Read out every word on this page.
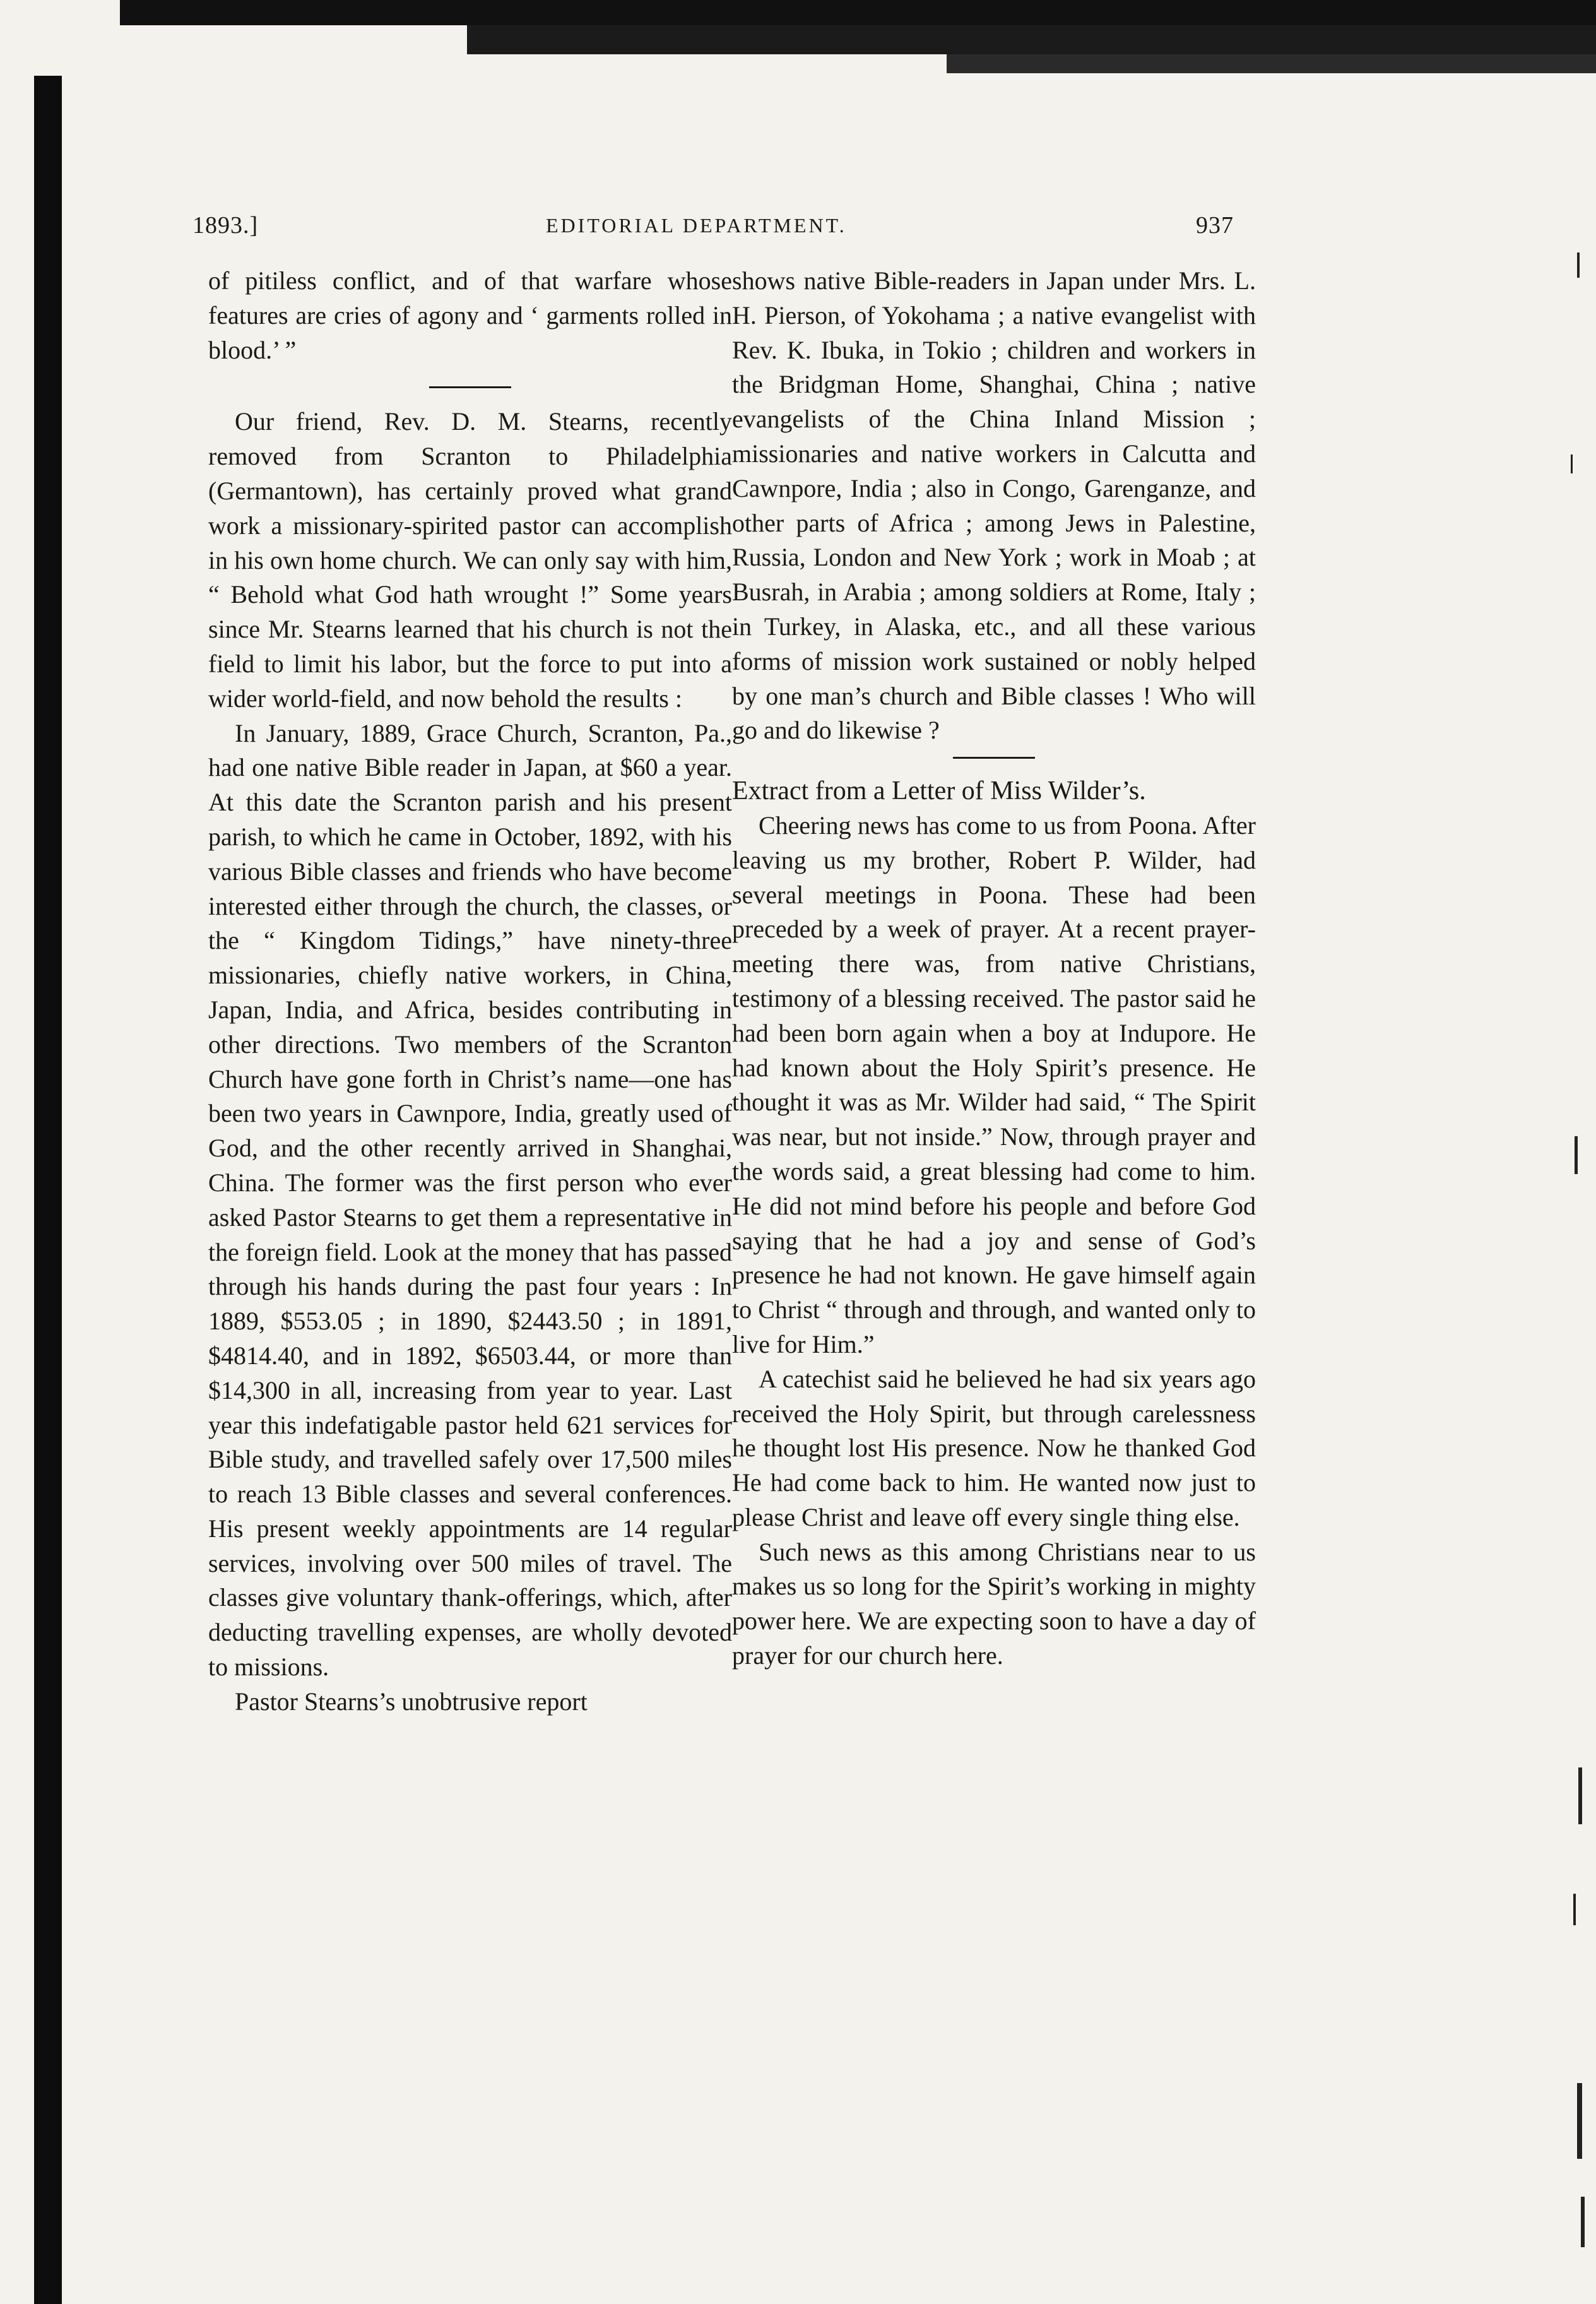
1893.]	EDITORIAL DEPARTMENT.	937

of pitiless conflict, and of that warfare whose features are cries of agony and ‘ garments rolled in blood.’ ”

Our friend, Rev. D. M. Stearns, recently removed from Scranton to Philadelphia (Germantown), has certainly proved what grand work a missionary-spirited pastor can accomplish in his own home church. We can only say with him, “ Behold what God hath wrought !” Some years since Mr. Stearns learned that his church is not the field to limit his labor, but the force to put into a wider world-field, and now behold the results :

In January, 1889, Grace Church, Scranton, Pa., had one native Bible reader in Japan, at $60 a year. At this date the Scranton parish and his present parish, to which he came in October, 1892, with his various Bible classes and friends who have become interested either through the church, the classes, or the “ Kingdom Tidings,” have ninety-three missionaries, chiefly native workers, in China, Japan, India, and Africa, besides contributing in other directions. Two members of the Scranton Church have gone forth in Christ’s name—one has been two years in Cawnpore, India, greatly used of God, and the other recently arrived in Shanghai, China. The former was the first person who ever asked Pastor Stearns to get them a representative in the foreign field. Look at the money that has passed through his hands during the past four years : In 1889, $553.05 ; in 1890, $2443.50 ; in 1891, $4814.40, and in 1892, $6503.44, or more than $14,300 in all, increasing from year to year. Last year this indefatigable pastor held 621 services for Bible study, and travelled safely over 17,500 miles to reach 13 Bible classes and several conferences. His present weekly appointments are 14 regular services, involving over 500 miles of travel. The classes give voluntary thank-offerings, which, after deducting travelling expenses, are wholly devoted to missions.

Pastor Stearns’s unobtrusive report

shows native Bible-readers in Japan under Mrs. L. H. Pierson, of Yokohama ; a native evangelist with Rev. K. Ibuka, in Tokio ; children and workers in the Bridgman Home, Shanghai, China ; native evangelists of the China Inland Mission ; missionaries and native workers in Calcutta and Cawnpore, India ; also in Congo, Garenganze, and other parts of Africa ; among Jews in Palestine, Russia, London and New York ; work in Moab ; at Busrah, in Arabia ; among soldiers at Rome, Italy ; in Turkey, in Alaska, etc., and all these various forms of mission work sustained or nobly helped by one man’s church and Bible classes ! Who will go and do likewise ?

Extract from a Letter of Miss Wilder’s.

Cheering news has come to us from Poona. After leaving us my brother, Robert P. Wilder, had several meetings in Poona. These had been preceded by a week of prayer. At a recent prayer-meeting there was, from native Christians, testimony of a blessing received. The pastor said he had been born again when a boy at Indupore. He had known about the Holy Spirit’s presence. He thought it was as Mr. Wilder had said, “ The Spirit was near, but not inside.” Now, through prayer and the words said, a great blessing had come to him. He did not mind before his people and before God saying that he had a joy and sense of God’s presence he had not known. He gave himself again to Christ “ through and through, and wanted only to live for Him.”

A catechist said he believed he had six years ago received the Holy Spirit, but through carelessness he thought lost His presence. Now he thanked God He had come back to him. He wanted now just to please Christ and leave off every single thing else.

Such news as this among Christians near to us makes us so long for the Spirit’s working in mighty power here. We are expecting soon to have a day of prayer for our church here.
